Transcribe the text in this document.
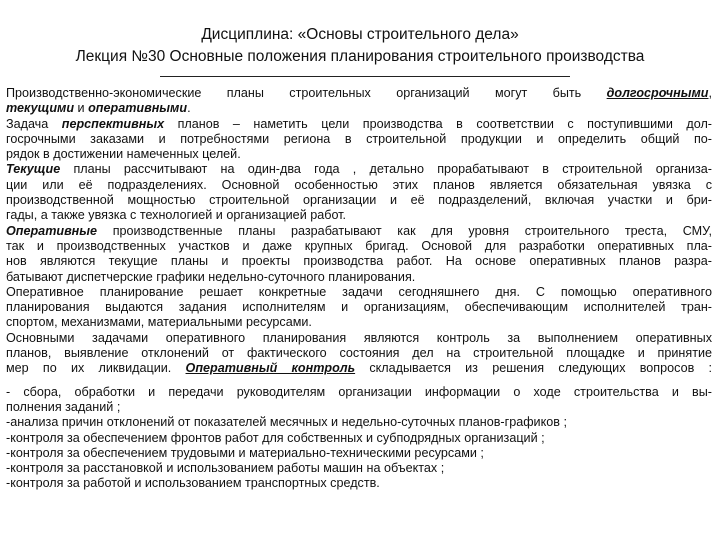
Дисциплина: «Основы строительного дела»
Лекция №30 Основные положения планирования строительного производства
Производственно-экономические планы строительных организаций могут быть долгосрочными,
текущими и оперативными.
Задача перспективных планов – наметить цели производства в соответствии с поступившими дол-
госрочными заказами и потребностями региона в строительной продукции и определить общий по-
рядок в достижении намеченных целей.
Текущие планы рассчитывают на один-два года , детально прорабатывают в строительной организа-
ции или её подразделениях. Основной особенностью этих планов является обязательная увязка с
производственной мощностью строительной организации и её подразделений, включая участки и бри-
гады, а также увязка с технологией и организацией работ.
Оперативные производственные планы разрабатывают как для уровня строительного треста, СМУ,
так и производственных участков и даже крупных бригад. Основой для разработки оперативных пла-
нов являются текущие планы и проекты производства работ. На основе оперативных планов разра-
батывают диспетчерские графики недельно-суточного планирования.
Оперативное планирование решает конкретные задачи сегодняшнего дня. С помощью оперативного
планирования выдаются задания исполнителям и организациям, обеспечивающим исполнителей тран-
спортом, механизмами, материальными ресурсами.
Основными задачами оперативного планирования являются контроль за выполнением оперативных
планов, выявление отклонений от фактического состояния дел на строительной площадке и принятие
мер по их ликвидации. Оперативный контроль складывается из решения следующих вопросов :
- сбора, обработки и передачи руководителям организации информации о ходе строительства и вы-
полнения заданий ;
-анализа причин отклонений от показателей месячных и недельно-суточных планов-графиков ;
-контроля за обеспечением фронтов работ для собственных и субподрядных организаций ;
-контроля за обеспечением трудовыми и материально-техническими ресурсами ;
-контроля за расстановкой и использованием работы машин на объектах ;
-контроля за работой и использованием транспортных средств.
